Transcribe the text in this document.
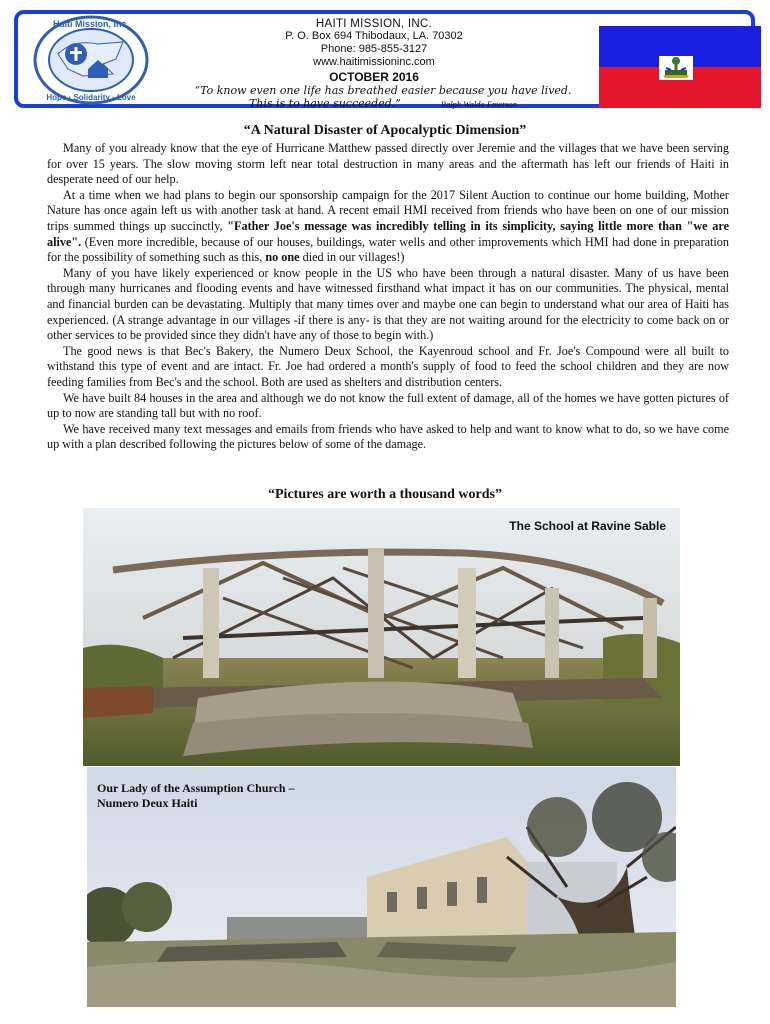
Haiti Mission, Inc.
Hope · Solidarity · Love
HAITI MISSION, INC.
P. O. Box 694 Thibodaux, LA. 70302
Phone: 985-855-3127
www.haitimissioninc.com
OCTOBER 2016
“To know even one life has breathed easier because you have lived.
This is to have succeeded.”	Ralph Waldo Emerson
“A Natural Disaster of Apocalyptic Dimension”

Many of you already know that the eye of Hurricane Matthew passed directly over Jeremie and the villages that we have been serving for over 15 years. The slow moving storm left near total destruction in many areas and the aftermath has left our friends of Haiti in desperate need of our help.

At a time when we had plans to begin our sponsorship campaign for the 2017 Silent Auction to continue our home building, Mother Nature has once again left us with another task at hand. A recent email HMI received from friends who have been on one of our mission trips summed things up succinctly, "Father Joe's message was incredibly telling in its simplicity, saying little more than "we are alive". (Even more incredible, because of our houses, buildings, water wells and other improvements which HMI had done in preparation for the possibility of something such as this, no one died in our villages!)

Many of you have likely experienced or know people in the US who have been through a natural disaster. Many of us have been through many hurricanes and flooding events and have witnessed firsthand what impact it has on our communities. The physical, mental and financial burden can be devastating. Multiply that many times over and maybe one can begin to understand what our area of Haiti has experienced. (A strange advantage in our villages -if there is any- is that they are not waiting around for the electricity to come back on or other services to be provided since they didn't have any of those to begin with.)

The good news is that Bec's Bakery, the Numero Deux School, the Kayenroud school and Fr. Joe's Compound were all built to withstand this type of event and are intact. Fr. Joe had ordered a month's supply of food to feed the school children and they are now feeding families from Bec's and the school. Both are used as shelters and distribution centers.

We have built 84 houses in the area and although we do not know the full extent of damage, all of the homes we have gotten pictures of up to now are standing tall but with no roof.

We have received many text messages and emails from friends who have asked to help and want to know what to do, so we have come up with a plan described following the pictures below of some of the damage.

“Pictures are worth a thousand words”
The School at Ravine Sable
Our Lady of the Assumption Church –
Numero Deux Haiti
